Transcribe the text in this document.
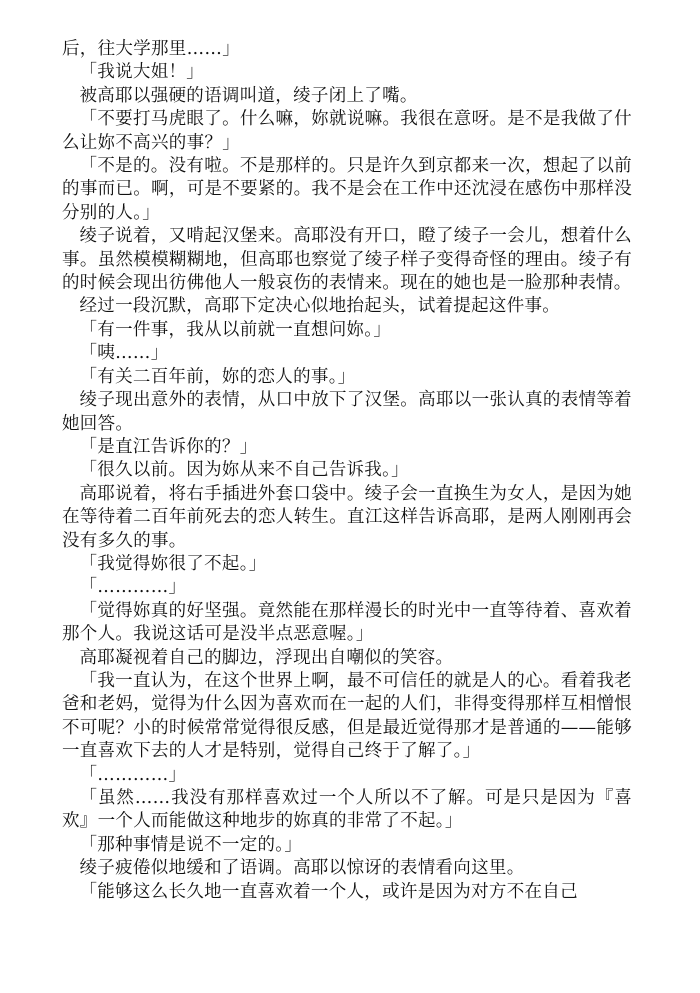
后，往大学那里……」

「我说大姐！」

被高耶以强硬的语调叫道，绫子闭上了嘴。

「不要打马虎眼了。什么嘛，妳就说嘛。我很在意呀。是不是我做了什么让妳不高兴的事？」

「不是的。没有啦。不是那样的。只是许久到京都来一次，想起了以前的事而已。啊，可是不要紧的。我不是会在工作中还沈浸在感伤中那样没分别的人。」

绫子说着，又啃起汉堡来。高耶没有开口，瞪了绫子一会儿，想着什么事。虽然模模糊糊地，但高耶也察觉了绫子样子变得奇怪的理由。绫子有的时候会现出彷佛他人一般哀伤的表情来。现在的她也是一脸那种表情。

经过一段沉默，高耶下定决心似地抬起头，试着提起这件事。

「有一件事，我从以前就一直想问妳。」

「咦……」

「有关二百年前，妳的恋人的事。」

绫子现出意外的表情，从口中放下了汉堡。高耶以一张认真的表情等着她回答。

「是直江告诉你的？」

「很久以前。因为妳从来不自己告诉我。」

高耶说着，将右手插进外套口袋中。绫子会一直换生为女人，是因为她在等待着二百年前死去的恋人转生。直江这样告诉高耶，是两人刚刚再会没有多久的事。

「我觉得妳很了不起。」

「…………」

「觉得妳真的好坚强。竟然能在那样漫长的时光中一直等待着、喜欢着那个人。我说这话可是没半点恶意喔。」

高耶凝视着自己的脚边，浮现出自嘲似的笑容。

「我一直认为，在这个世界上啊，最不可信任的就是人的心。看着我老爸和老妈，觉得为什么因为喜欢而在一起的人们，非得变得那样互相憎恨不可呢？小的时候常常觉得很反感，但是最近觉得那才是普通的——能够一直喜欢下去的人才是特别，觉得自己终于了解了。」

「…………」

「虽然……我没有那样喜欢过一个人所以不了解。可是只是因为『喜欢』一个人而能做这种地步的妳真的非常了不起。」

「那种事情是说不一定的。」

绫子疲倦似地缓和了语调。高耶以惊讶的表情看向这里。

「能够这么长久地一直喜欢着一个人，或许是因为对方不在自己
